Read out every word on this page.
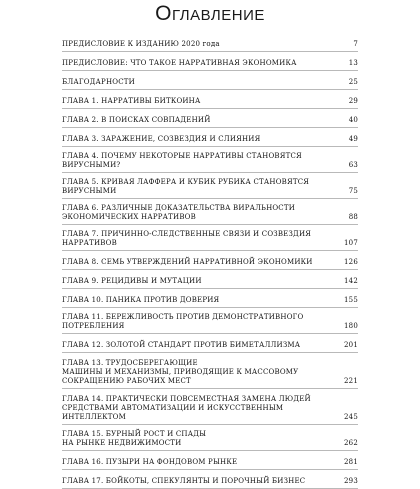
Оглавление
ПРЕДИСЛОВИЕ К ИЗДАНИЮ 2020 года	7
ПРЕДИСЛОВИЕ: ЧТО ТАКОЕ НАРРАТИВНАЯ ЭКОНОМИКА	13
БЛАГОДАРНОСТИ	25
ГЛАВА 1. НАРРАТИВЫ БИТКОИНА	29
ГЛАВА 2. В ПОИСКАХ СОВПАДЕНИЙ	40
ГЛАВА 3. ЗАРАЖЕНИЕ, СОЗВЕЗДИЯ И СЛИЯНИЯ	49
ГЛАВА 4. ПОЧЕМУ НЕКОТОРЫЕ НАРРАТИВЫ СТАНОВЯТСЯ
ВИРУСНЫМИ?	63
ГЛАВА 5. КРИВАЯ ЛАФФЕРА И КУБИК РУБИКА СТАНОВЯТСЯ
ВИРУСНЫМИ	75
ГЛАВА 6. РАЗЛИЧНЫЕ ДОКАЗАТЕЛЬСТВА ВИРАЛЬНОСТИ
ЭКОНОМИЧЕСКИХ НАРРАТИВОВ	88
ГЛАВА 7. ПРИЧИННО-СЛЕДСТВЕННЫЕ СВЯЗИ И СОЗВЕЗДИЯ
НАРРАТИВОВ	107
ГЛАВА 8. СЕМЬ УТВЕРЖДЕНИЙ НАРРАТИВНОЙ ЭКОНОМИКИ	126
ГЛАВА 9. РЕЦИДИВЫ И МУТАЦИИ	142
ГЛАВА 10. ПАНИКА ПРОТИВ ДОВЕРИЯ	155
ГЛАВА 11. БЕРЕЖЛИВОСТЬ ПРОТИВ ДЕМОНСТРАТИВНОГО
ПОТРЕБЛЕНИЯ	180
ГЛАВА 12. ЗОЛОТОЙ СТАНДАРТ ПРОТИВ БИМЕТАЛЛИЗМА	201
ГЛАВА 13. ТРУДОСБЕРЕГАЮЩИЕ
МАШИНЫ И МЕХАНИЗМЫ, ПРИВОДЯЩИЕ К МАССОВОМУ
СОКРАЩЕНИЮ РАБОЧИХ МЕСТ	221
ГЛАВА 14. ПРАКТИЧЕСКИ ПОВСЕМЕСТНАЯ ЗАМЕНА ЛЮДЕЙ
СРЕДСТВАМИ АВТОМАТИЗАЦИИ И ИСКУССТВЕННЫМ
ИНТЕЛЛЕКТОМ	245
ГЛАВА 15. БУРНЫЙ РОСТ И СПАДЫ
НА РЫНКЕ НЕДВИЖИМОСТИ	262
ГЛАВА 16. ПУЗЫРИ НА ФОНДОВОМ РЫНКЕ	281
ГЛАВА 17. БОЙКОТЫ, СПЕКУЛЯНТЫ И ПОРОЧНЫЙ БИЗНЕС	293
